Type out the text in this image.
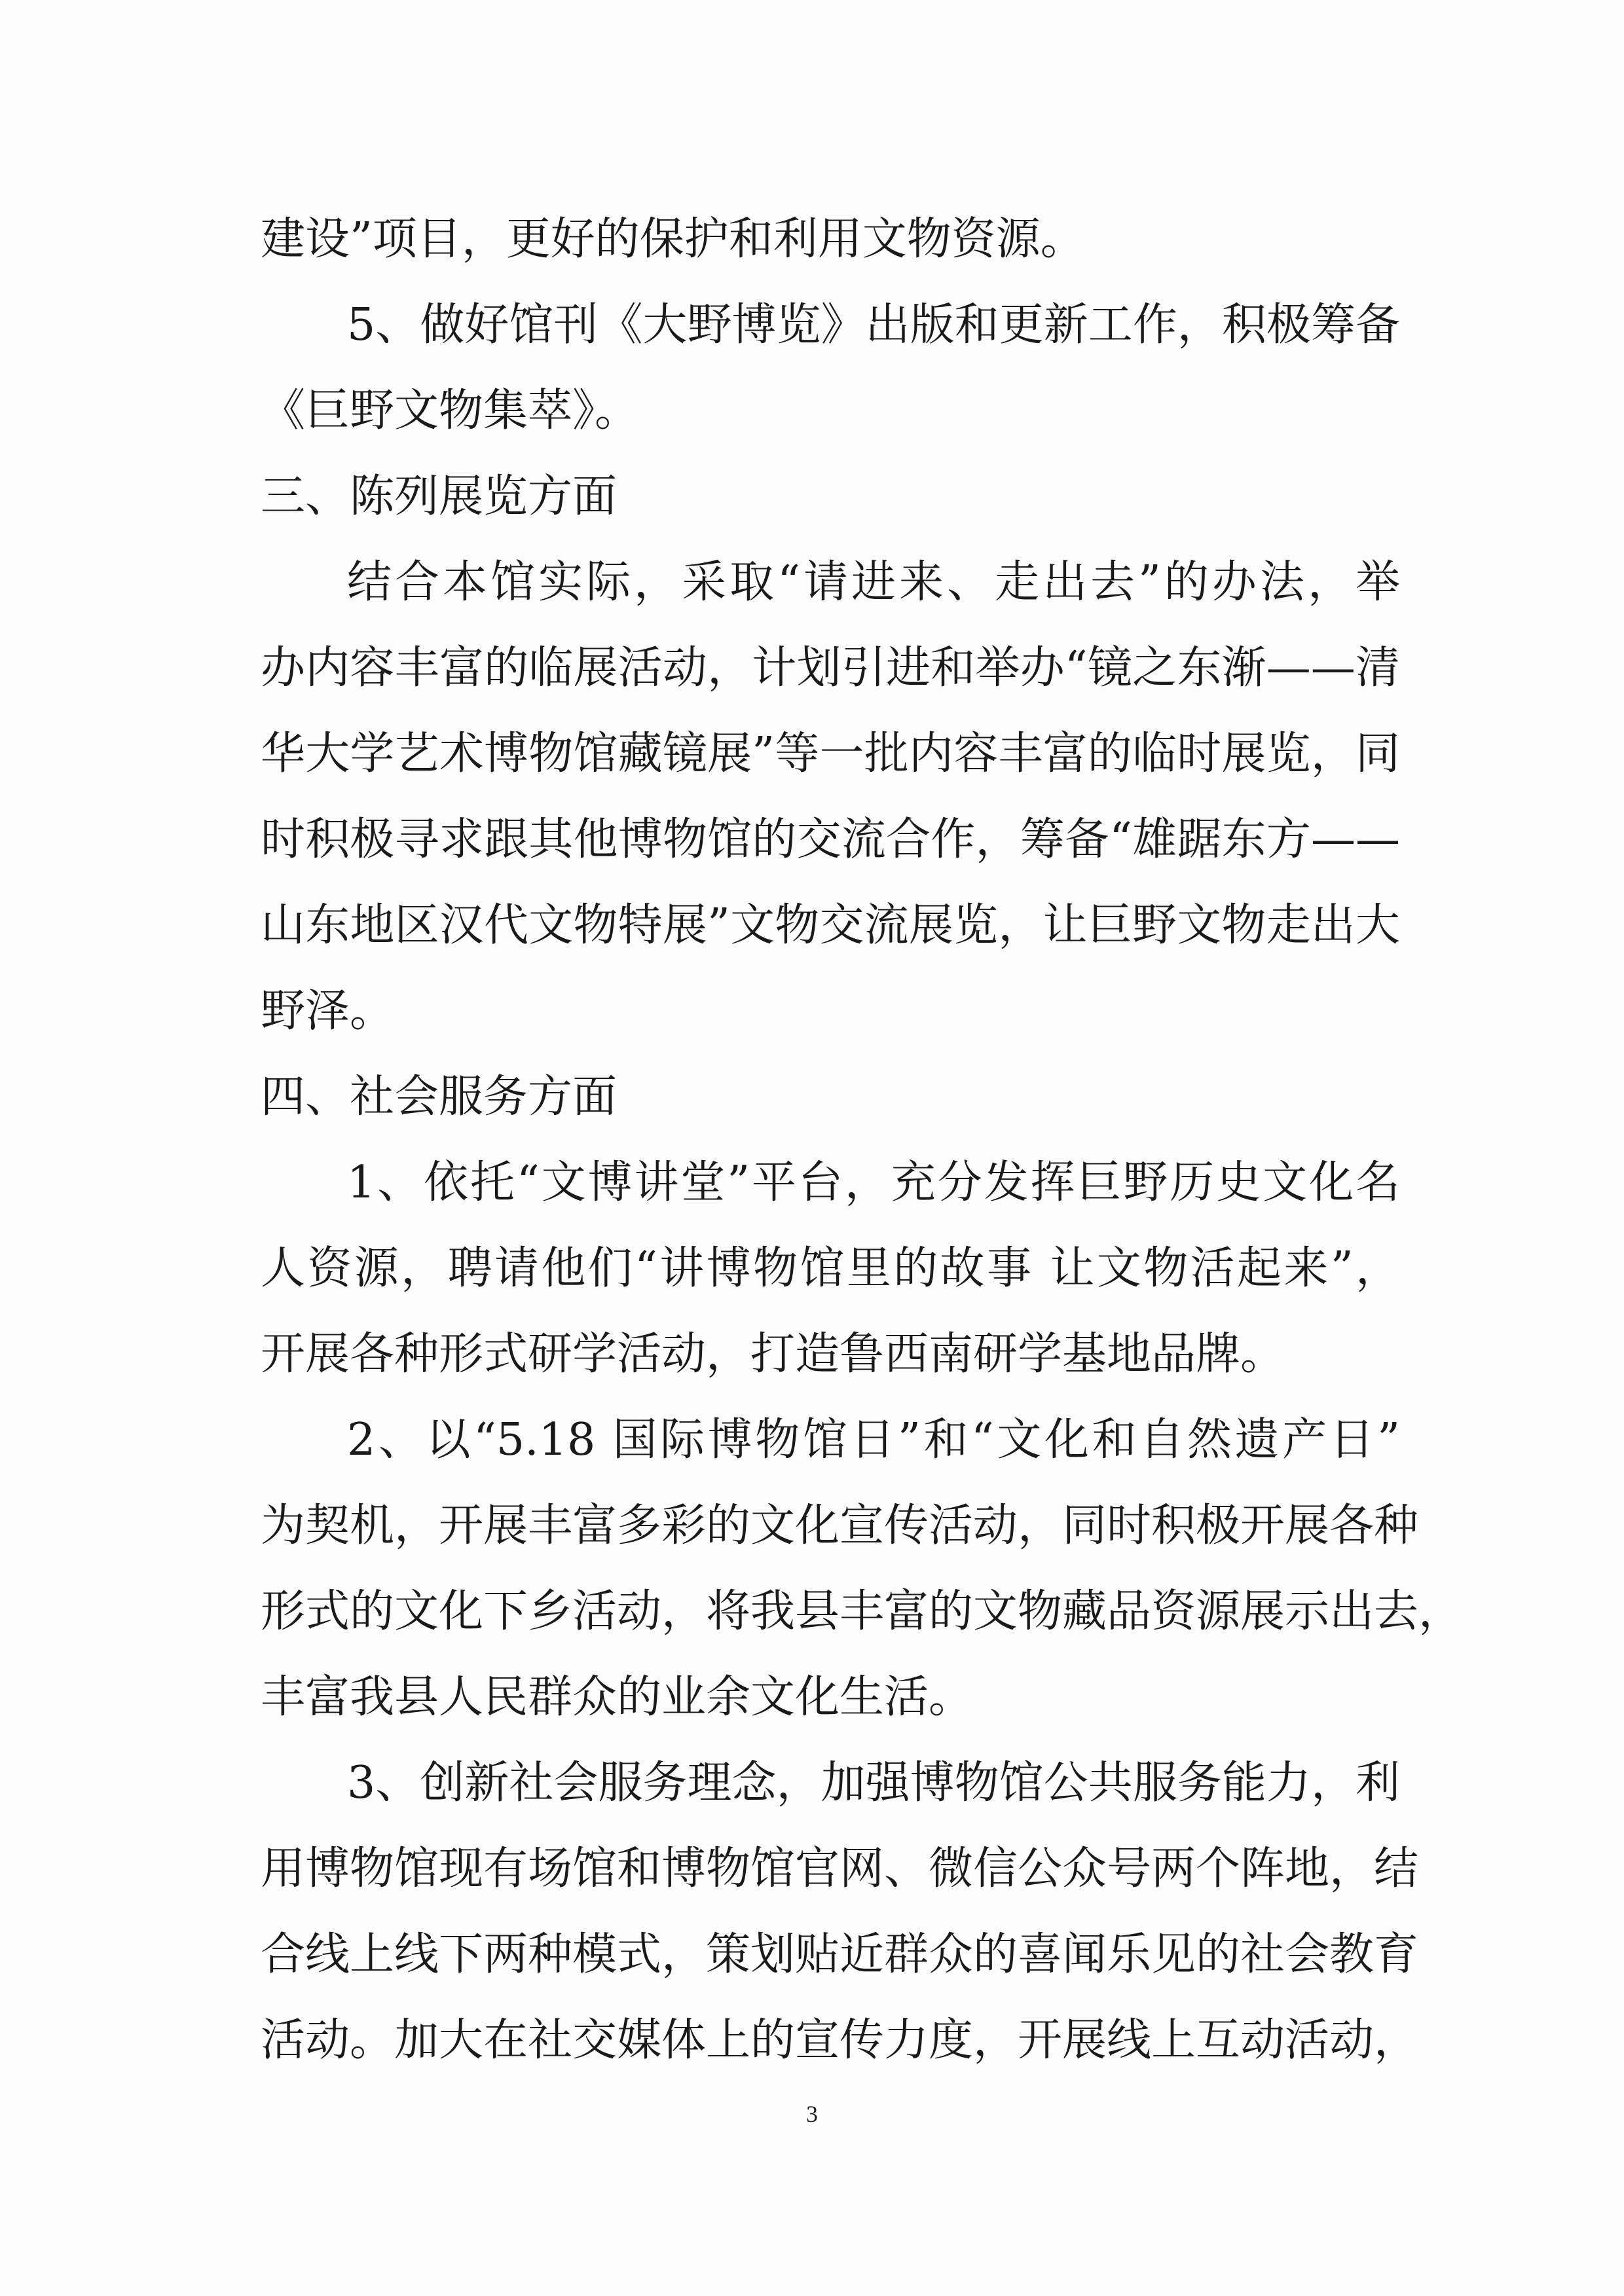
建设”项目，更好的保护和利用文物资源。
5、做好馆刊《大野博览》出版和更新工作，积极筹备
《巨野文物集萃》。
三、陈列展览方面
结合本馆实际，采取“请进来、走出去”的办法，举
办内容丰富的临展活动，计划引进和举办“镜之东渐——清
华大学艺术博物馆藏镜展”等一批内容丰富的临时展览，同
时积极寻求跟其他博物馆的交流合作，筹备“雄踞东方——
山东地区汉代文物特展”文物交流展览，让巨野文物走出大
野泽。
四、社会服务方面
1、依托“文博讲堂”平台，充分发挥巨野历史文化名
人资源，聘请他们“讲博物馆里的故事 让文物活起来”，
开展各种形式研学活动，打造鲁西南研学基地品牌。
2、以“5.18 国际博物馆日”和“文化和自然遗产日”
为契机，开展丰富多彩的文化宣传活动，同时积极开展各种
形式的文化下乡活动，将我县丰富的文物藏品资源展示出去，
丰富我县人民群众的业余文化生活。
3、创新社会服务理念，加强博物馆公共服务能力，利
用博物馆现有场馆和博物馆官网、微信公众号两个阵地，结
合线上线下两种模式，策划贴近群众的喜闻乐见的社会教育
活动。加大在社交媒体上的宣传力度，开展线上互动活动，
3
